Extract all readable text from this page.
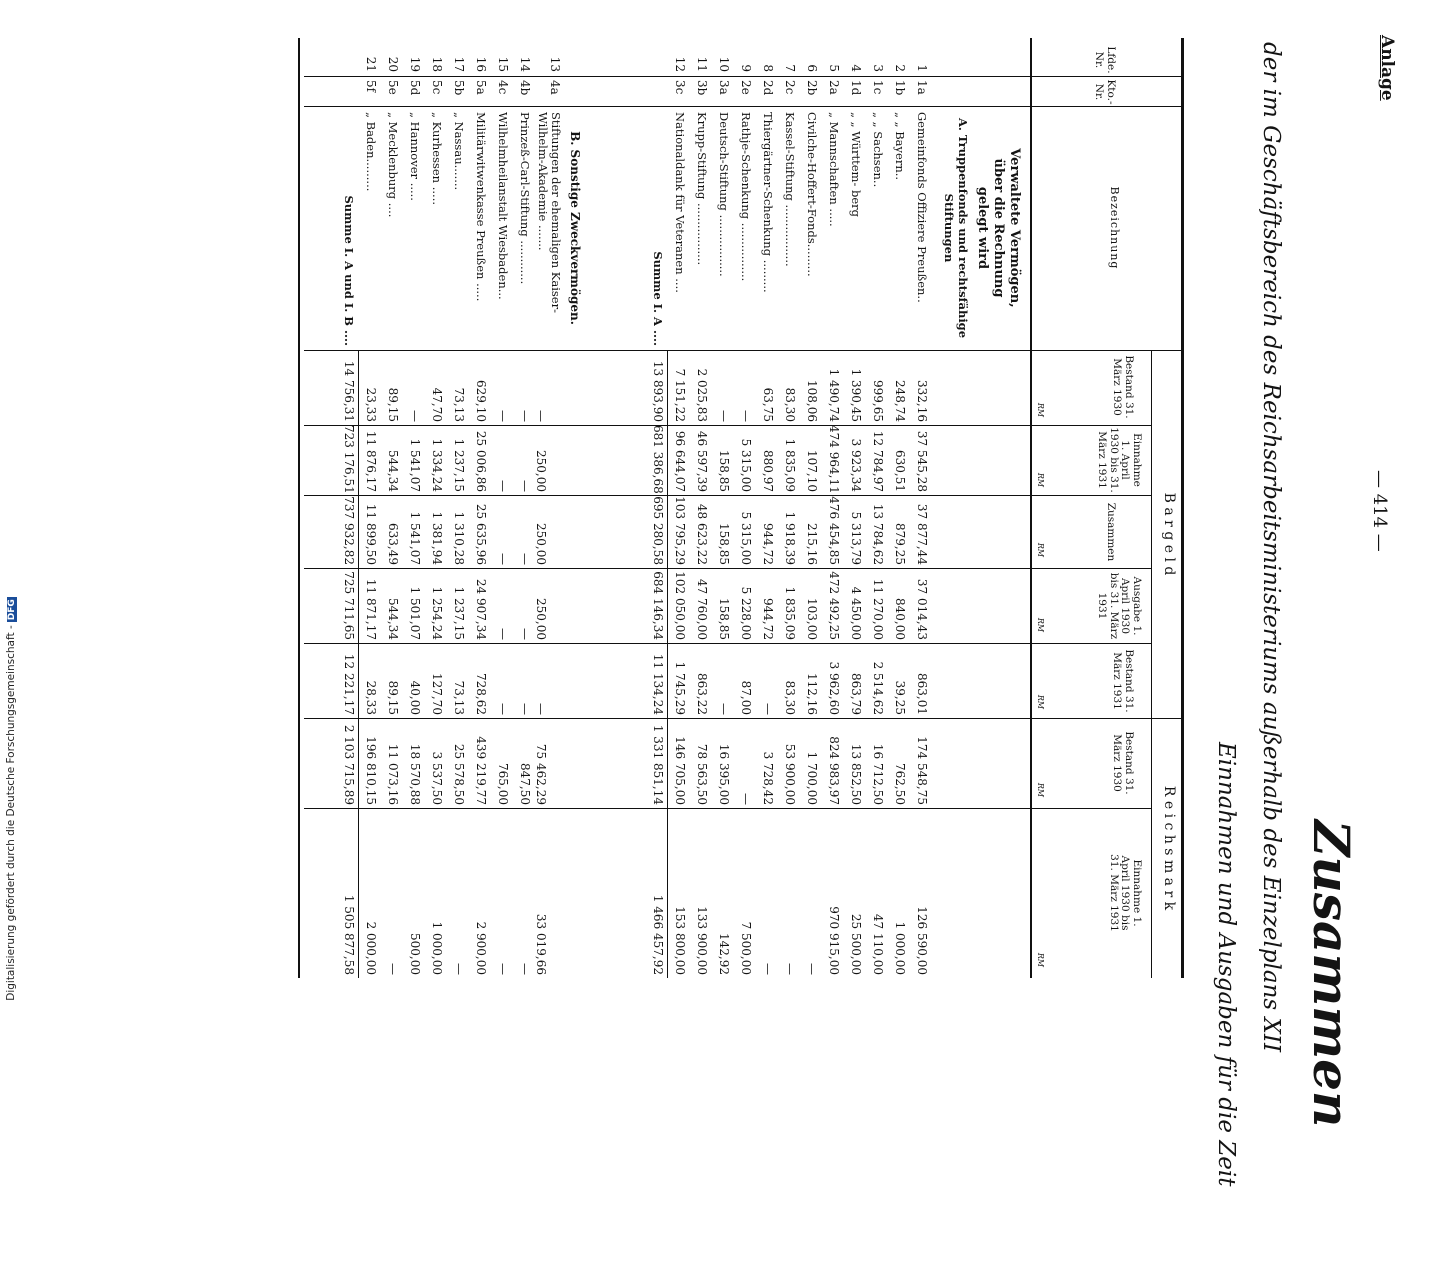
Anlage
— 414 —
Zusammen
der im Geschäftsbereich des Reichsarbeitsministeriums außerhalb des Einzelplans XII
Einnahmen und Ausgaben für die Zeit
Lfde. Nr.
Kto.- Nr.
Bezeichnung
B a r g e l d
R e i c h s m a r k
Bestand 31. März 1930
Einnahme 1. April 1930 bis 31. März 1931
Zusammen
Ausgabe 1. April 1930 bis 31. März 1931
Bestand 31. März 1931
Bestand 31. März 1930
Einnahme 1. April 1930 bis 31. März 1931
RM
RM
RM
RM
RM
RM
RM
Verwaltete Vermögen,
über die Rechnung
gelegt wird
A. Truppenfonds und rechtsfähige
Stiftungen
B. Sonstige Zweckvermögen.
1
1a
Gemeinfonds Offiziere Preußen..
332,16
37 545,28
37 877,44
37 014,43
863,01
174 548,75
126 590,00
2
1b
„ „ Bayern..
248,74
630,51
879,25
840,00
39,25
762,50
1 000,00
3
1c
„ „ Sachsen..
999,65
12 784,97
13 784,62
11 270,00
2 514,62
16 712,50
47 110,00
4
1d
„ „ Württem- berg
1 390,45
3 923,34
5 313,79
4 450,00
863,79
13 852,50
25 500,00
5
2a
„ Mannschaften .....
1 490,74
474 964,11
476 454,85
472 492,25
3 962,60
824 983,97
970 915,00
6
2b
Civilche-Hoffert-Fonds.........
108,06
107,10
215,16
103,00
112,16
1 700,00
—
7
2c
Kassel-Stiftung .................
83,30
1 835,09
1 918,39
1 835,09
83,30
53 900,00
—
8
2d
Thiergärtner-Schenkung .........
63,75
880,97
944,72
944,72
—
3 728,42
—
9
2e
Rathje-Schenkung ................
—
5 315,00
5 315,00
5 228,00
87,00
—
7 500,00
10
3a
Deutsch-Stiftung .................
—
158,85
158,85
158,85
—
16 395,00
142,92
11
3b
Krupp-Stiftung .................
2 025,83
46 597,39
48 623,22
47 760,00
863,22
78 563,50
133 900,00
12
3c
Nationaldank für Veteranen ....
7 151,22
96 644,07
103 795,29
102 050,00
1 745,29
146 705,00
153 800,00
Summe I. A ....
13 893,90
681 386,68
695 280,58
684 146,34
11 134,24
1 331 851,14
1 466 457,92
13
4a
Stiftungen der ehemaligen Kaiser- Wilhelm-Akademie .......
—
250,00
250,00
250,00
—
75 462,29
33 019,66
14
4b
Prinzeß-Carl-Stiftung ............
—
—
—
—
—
847,50
—
15
4c
Wilhelmheilanstalt Wiesbaden...
—
—
—
—
—
765,00
—
16
5a
Militärwitwenkasse Preußen .....
629,10
25 006,86
25 635,96
24 907,34
728,62
439 219,77
2 900,00
17
5b
„ Nassau.......
73,13
1 237,15
1 310,28
1 237,15
73,13
25 578,50
—
18
5c
„ Kurhessen .....
47,70
1 334,24
1 381,94
1 254,24
127,70
3 537,50
1 000,00
19
5d
„ Hannover .....
—
1 541,07
1 541,07
1 501,07
40,00
18 570,88
500,00
20
5e
„ Mecklenburg ....
89,15
544,34
633,49
544,34
89,15
11 073,16
—
21
5f
„ Baden.........
23,33
11 876,17
11 899,50
11 871,17
28,33
196 810,15
2 000,00
Summe I. A und I. B ....
14 756,31
723 176,51
737 932,82
725 711,65
12 221,17
2 103 715,89
1 505 877,58
Digitalisierung gefördert durch die Deutsche Forschungsgemeinschaft -DFG
